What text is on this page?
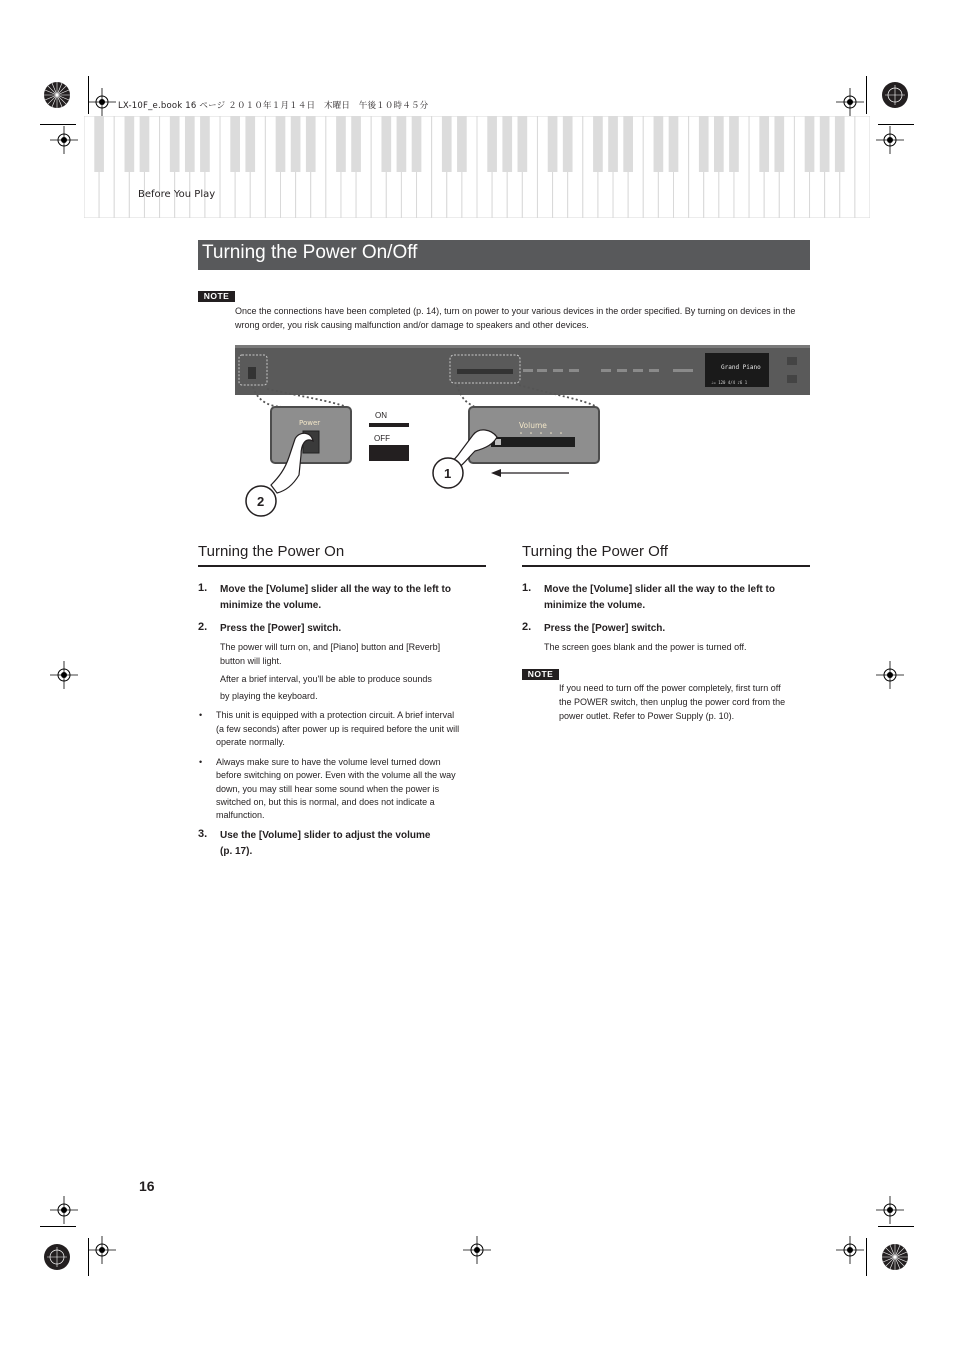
LX-10F_e.book 16 ページ ２０１０年１月１４日　木曜日　午後１０時４５分
Before You Play
Turning the Power On/Off
NOTE
Once the connections have been completed (p. 14), turn on power to your various devices in the order specified. By turning on devices in the wrong order, you risk causing malfunction and/or damage to speakers and other devices.
Grand Piano
♩= 120 4/4 ♪6 1
Power
ON
OFF
Volume
1
2
Turning the Power On
1. Move the [Volume] slider all the way to the left to
minimize the volume.
2. Press the [Power] switch.
The power will turn on, and [Piano] button and [Reverb]
button will light.
After a brief interval, you'll be able to produce sounds
by playing the keyboard.
• This unit is equipped with a protection circuit. A brief interval
(a few seconds) after power up is required before the unit will
operate normally.
• Always make sure to have the volume level turned down
before switching on power. Even with the volume all the way
down, you may still hear some sound when the power is
switched on, but this is normal, and does not indicate a
malfunction.
3. Use the [Volume] slider to adjust the volume
(p. 17).
Turning the Power Off
1. Move the [Volume] slider all the way to the left to
minimize the volume.
2. Press the [Power] switch.
The screen goes blank and the power is turned off.
NOTE
If you need to turn off the power completely, first turn off
the POWER switch, then unplug the power cord from the
power outlet. Refer to Power Supply (p. 10).
16
